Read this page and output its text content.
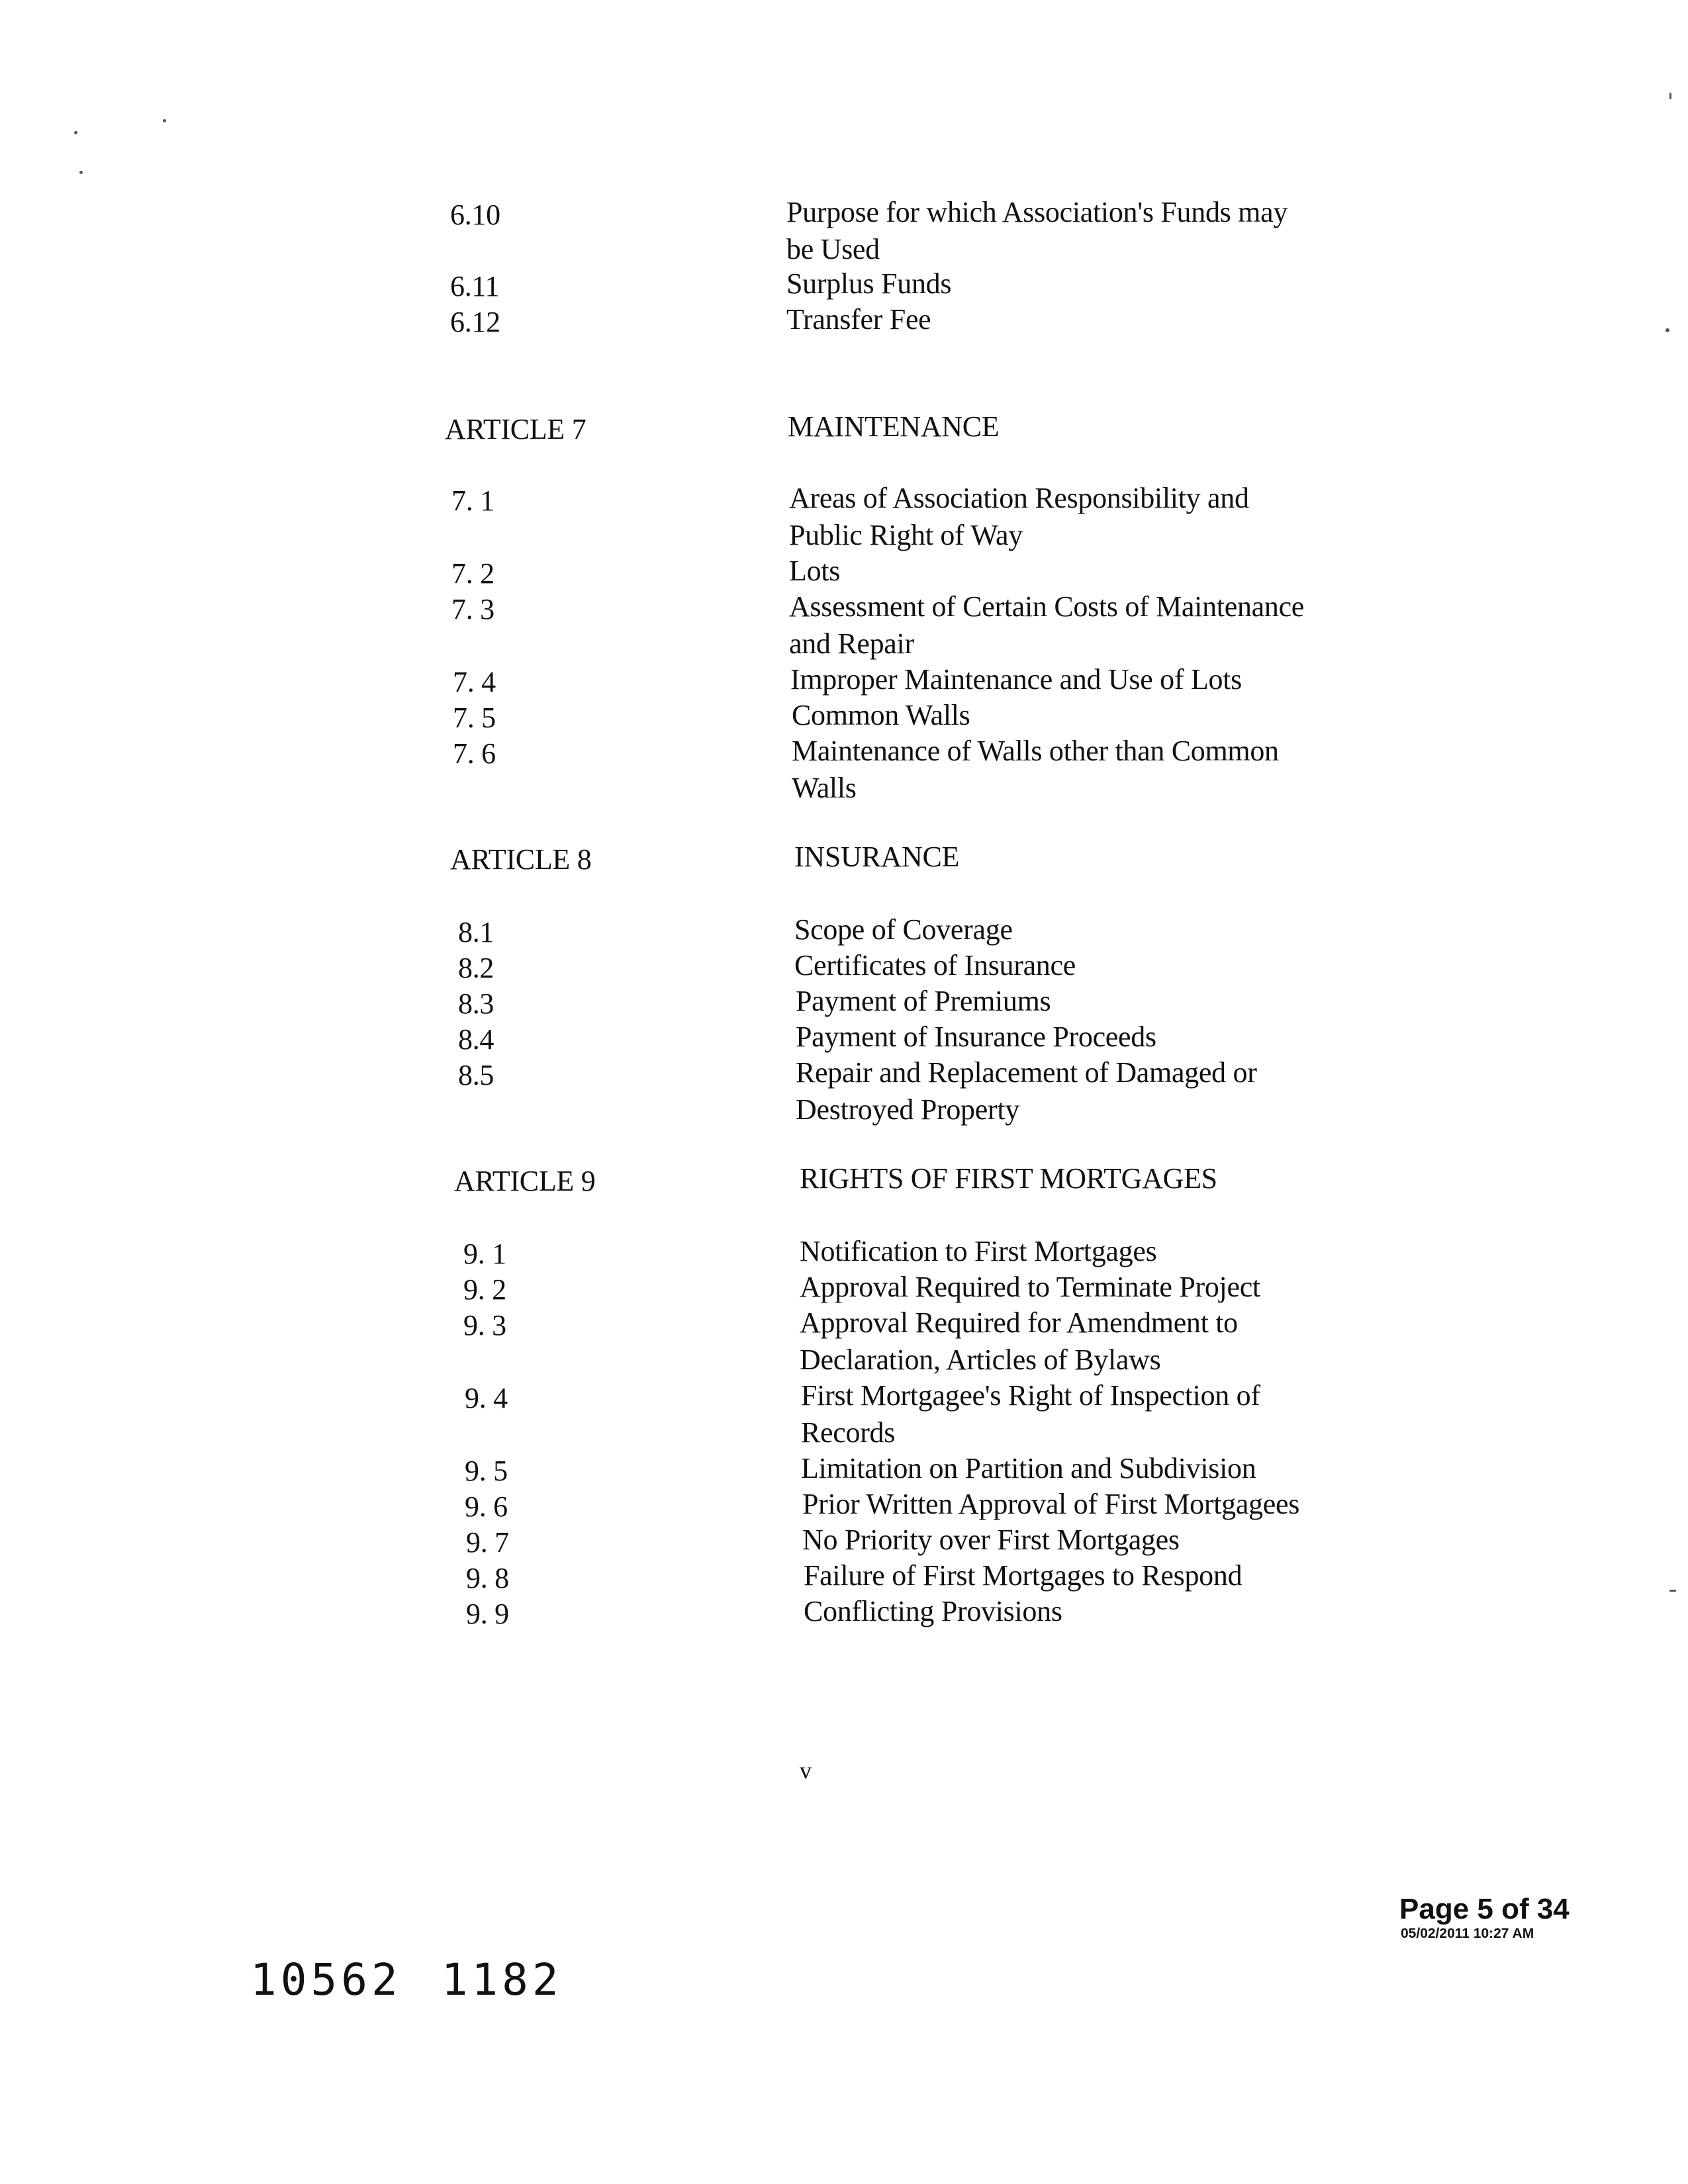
6.10	Purpose for which Association's Funds may
be Used
6.11	Surplus Funds
6.12	Transfer Fee
ARTICLE 7	MAINTENANCE
7. 1	Areas of Association Responsibility and
Public Right of Way
7. 2	Lots
7. 3	Assessment of Certain Costs of Maintenance
and Repair
7. 4	Improper Maintenance and Use of Lots
7. 5	Common Walls
7. 6	Maintenance of Walls other than Common
Walls
ARTICLE 8	INSURANCE
8.1	Scope of Coverage
8.2	Certificates of Insurance
8.3	Payment of Premiums
8.4	Payment of Insurance Proceeds
8.5	Repair and Replacement of Damaged or
Destroyed Property
ARTICLE 9	RIGHTS OF FIRST MORTGAGES
9. 1	Notification to First Mortgages
9. 2	Approval Required to Terminate Project
9. 3	Approval Required for Amendment to
Declaration, Articles of Bylaws
9. 4	First Mortgagee's Right of Inspection of
Records
9. 5	Limitation on Partition and Subdivision
9. 6	Prior Written Approval of First Mortgagees
9. 7	No Priority over First Mortgages
9. 8	Failure of First Mortgages to Respond
9. 9	Conflicting Provisions
v
Page 5 of 34
05/02/2011 10:27 AM
10562 1182
